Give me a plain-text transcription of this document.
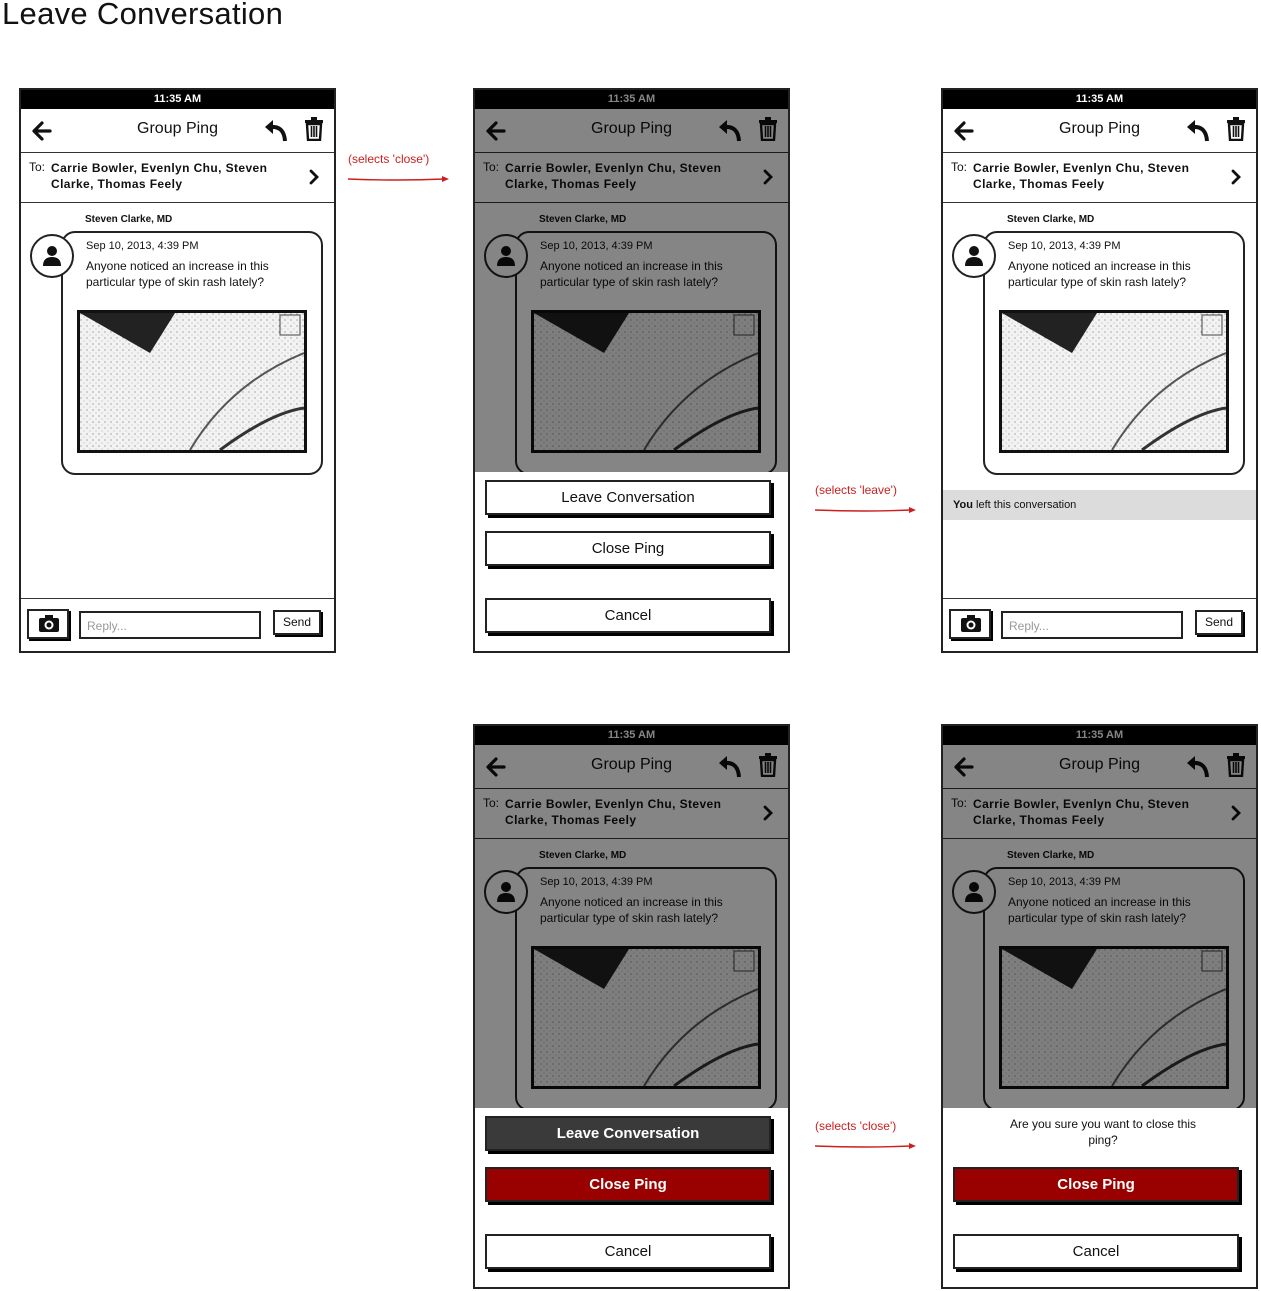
Leave Conversation
(selects 'close')
(selects 'leave')
(selects 'close')
11:35 AM
Group Ping
To: Carrie Bowler, Evenlyn Chu, Steven Clarke, Thomas Feely
Steven Clarke, MD
Sep 10, 2013, 4:39 PM
Anyone noticed an increase in this particular type of skin rash lately?
Reply...	Send
11:35 AM
Group Ping
To: Carrie Bowler, Evenlyn Chu, Steven Clarke, Thomas Feely
Steven Clarke, MD
Sep 10, 2013, 4:39 PM
Anyone noticed an increase in this particular type of skin rash lately?
Leave Conversation
Close Ping
Cancel
11:35 AM
Group Ping
To: Carrie Bowler, Evenlyn Chu, Steven Clarke, Thomas Feely
Steven Clarke, MD
Sep 10, 2013, 4:39 PM
Anyone noticed an increase in this particular type of skin rash lately?
You left this conversation
Reply...	Send
11:35 AM
Group Ping
To: Carrie Bowler, Evenlyn Chu, Steven Clarke, Thomas Feely
Steven Clarke, MD
Sep 10, 2013, 4:39 PM
Anyone noticed an increase in this particular type of skin rash lately?
Leave Conversation
Close Ping
Cancel
11:35 AM
Group Ping
To: Carrie Bowler, Evenlyn Chu, Steven Clarke, Thomas Feely
Steven Clarke, MD
Sep 10, 2013, 4:39 PM
Anyone noticed an increase in this particular type of skin rash lately?
Are you sure you want to close this ping?
Close Ping
Cancel
